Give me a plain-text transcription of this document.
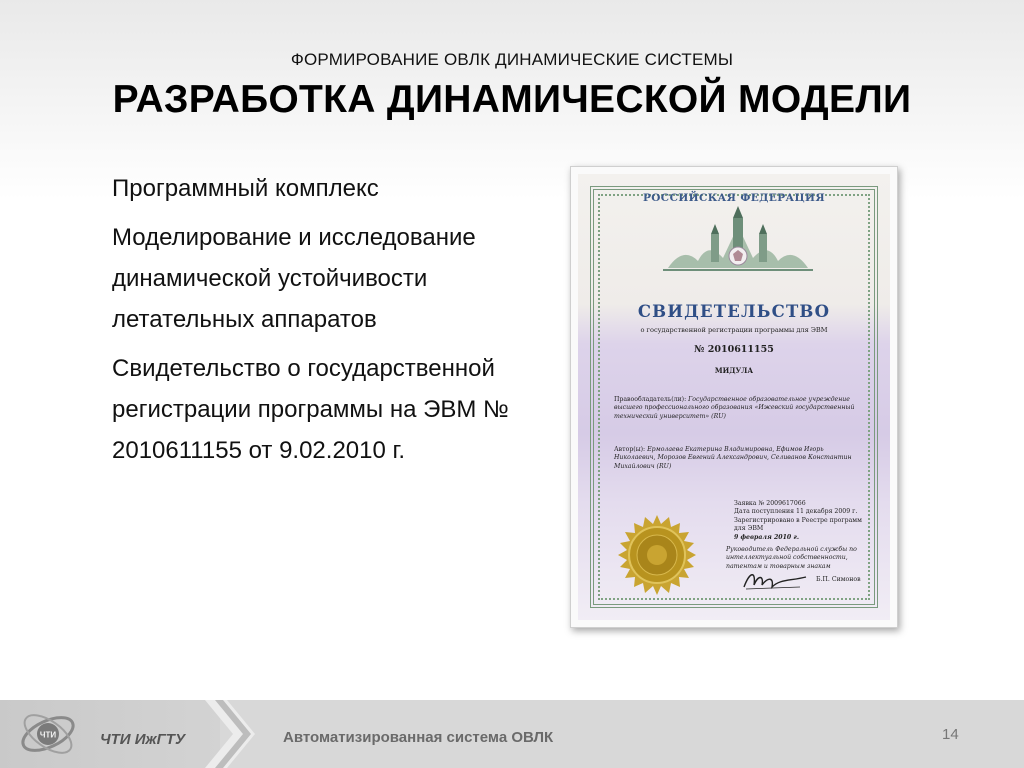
ФОРМИРОВАНИЕ ОВЛК ДИНАМИЧЕСКИЕ СИСТЕМЫ
РАЗРАБОТКА ДИНАМИЧЕСКОЙ МОДЕЛИ

Программный комплекс

Моделирование и исследование динамической устойчивости летательных аппаратов

Свидетельство о государственной регистрации программы на ЭВМ № 2010611155 от 9.02.2010 г.

РОССИЙСКАЯ ФЕДЕРАЦИЯ
СВИДЕТЕЛЬСТВО
о государственной регистрации программы для ЭВМ
№ 2010611155
МИДУЛА
Правообладатель(ли): Государственное образовательное учреждение высшего профессионального образования «Ижевский государственный технический университет» (RU)
Автор(ы): Ермолаева Екатерина Владимировна, Ефимов Игорь Николаевич, Морозов Евгений Александрович, Селиванов Константин Михайлович (RU)
Заявка № 2009617066
Дата поступления 11 декабря 2009 г.
Зарегистрировано в Реестре программ для ЭВМ
9 февраля 2010 г.
Руководитель Федеральной службы по интеллектуальной собственности, патентам и товарным знакам
Б.П. Симонов
ЧТИ	ЧТИ ИжГТУ	Автоматизированная система ОВЛК	14
